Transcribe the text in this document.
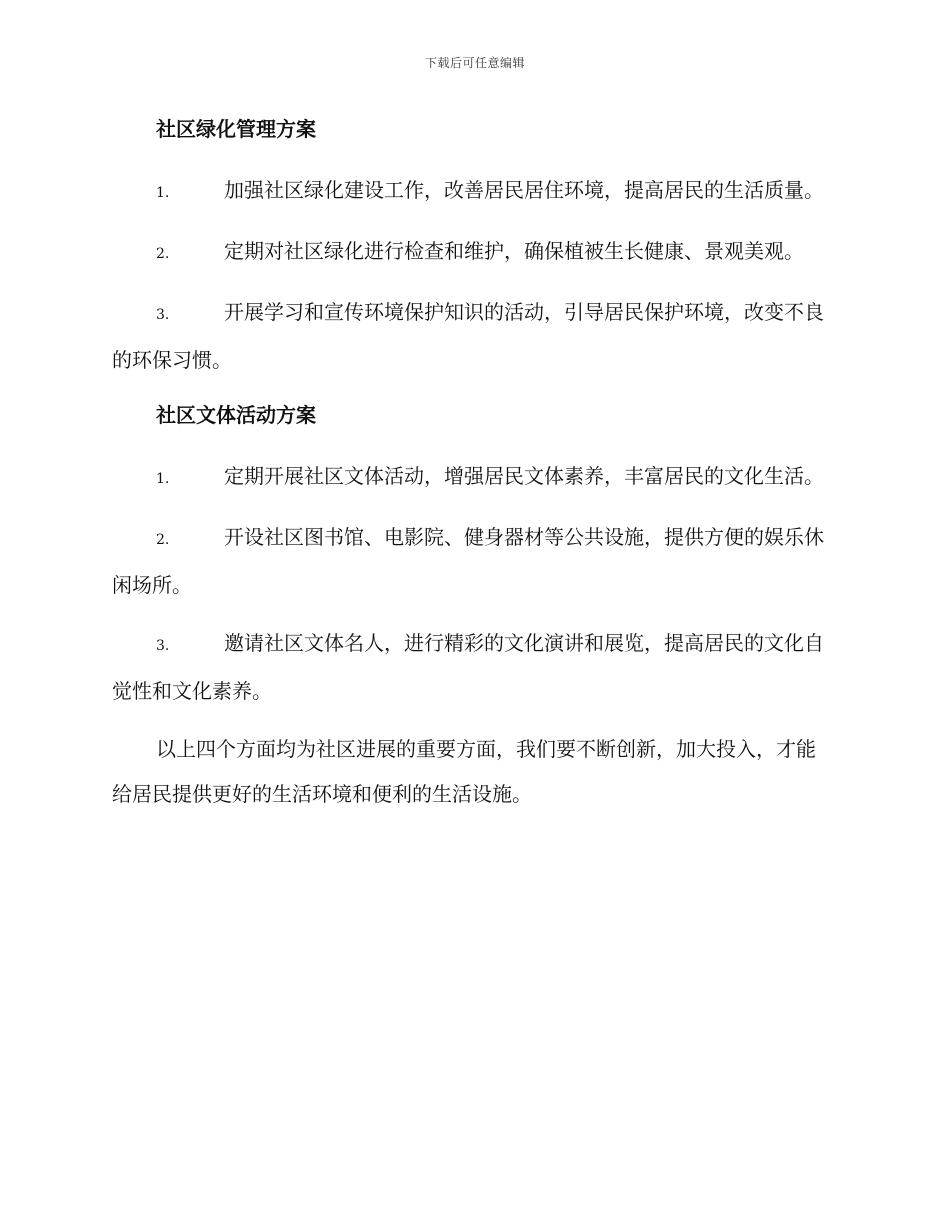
下载后可任意编辑
社区绿化管理方案

1.	加强社区绿化建设工作，改善居民居住环境，提高居民的生活质量。

2.	定期对社区绿化进行检查和维护，确保植被生长健康、景观美观。

3.	开展学习和宣传环境保护知识的活动，引导居民保护环境，改变不良的环保习惯。

社区文体活动方案

1.	定期开展社区文体活动，增强居民文体素养，丰富居民的文化生活。

2.	开设社区图书馆、电影院、健身器材等公共设施，提供方便的娱乐休闲场所。

3.	邀请社区文体名人，进行精彩的文化演讲和展览，提高居民的文化自觉性和文化素养。

以上四个方面均为社区进展的重要方面，我们要不断创新，加大投入，才能给居民提供更好的生活环境和便利的生活设施。
